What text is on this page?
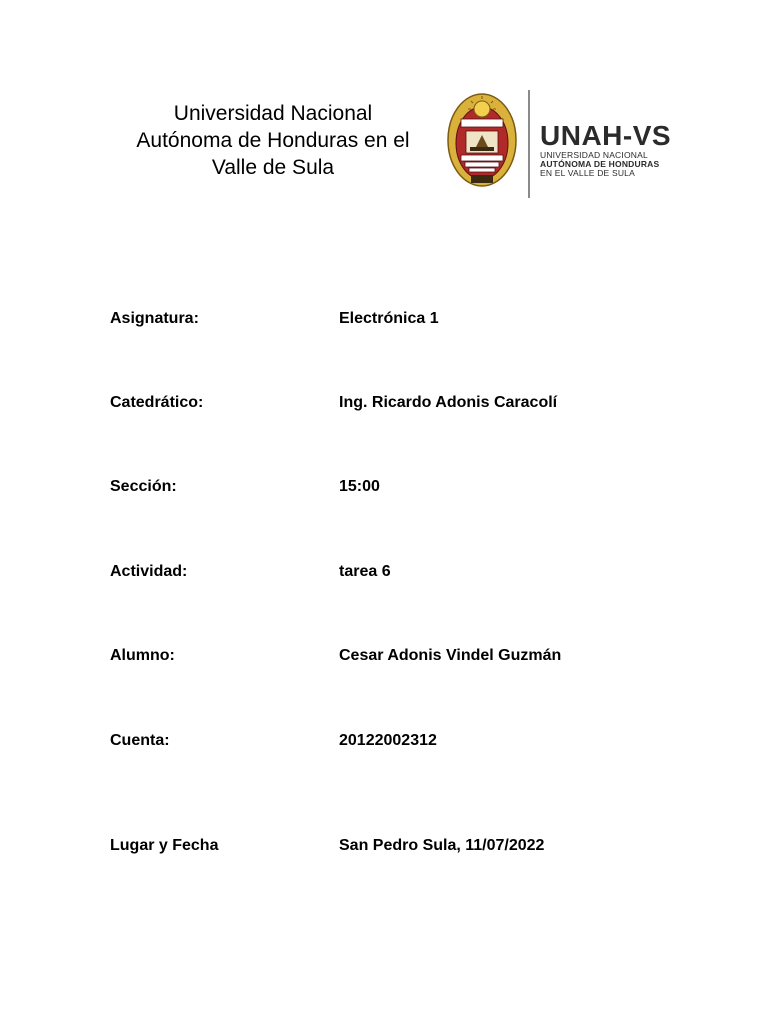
Universidad Nacional
Autónoma de Honduras en el
Valle de Sula
UNAH-VS
UNIVERSIDAD NACIONAL
AUTÓNOMA DE HONDURAS
EN EL VALLE DE SULA
Asignatura:	Electrónica 1
Catedrático:	Ing. Ricardo Adonis Caracolí
Sección:	15:00
Actividad:	tarea 6
Alumno:	Cesar Adonis Vindel Guzmán
Cuenta:	20122002312
Lugar y Fecha	San Pedro Sula, 11/07/2022
